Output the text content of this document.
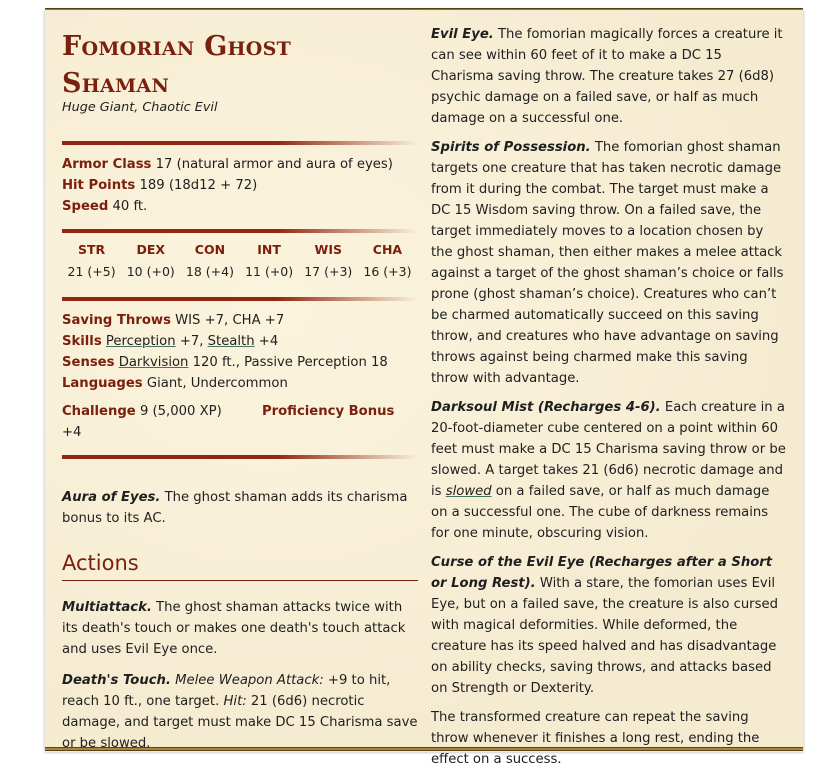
Fomorian Ghost
Shaman
Huge Giant, Chaotic Evil
Armor Class 17 (natural armor and aura of eyes)
Hit Points 189 (18d12 + 72)
Speed 40 ft.
STR
21 (+5)
DEX
10 (+0)
CON
18 (+4)
INT
11 (+0)
WIS
17 (+3)
CHA
16 (+3)
Saving Throws WIS +7, CHA +7
Skills Perception +7, Stealth +4
Senses Darkvision 120 ft., Passive Perception 18
Languages Giant, Undercommon
Challenge 9 (5,000 XP)	Proficiency Bonus +4

Aura of Eyes. The ghost shaman adds its charisma bonus to its AC.

Actions

Multiattack. The ghost shaman attacks twice with its death's touch or makes one death's touch attack and uses Evil Eye once.

Death's Touch. Melee Weapon Attack: +9 to hit, reach 10 ft., one target. Hit: 21 (6d6) necrotic damage, and target must make DC 15 Charisma save or be slowed.

Evil Eye. The fomorian magically forces a creature it can see within 60 feet of it to make a DC 15 Charisma saving throw. The creature takes 27 (6d8) psychic damage on a failed save, or half as much damage on a successful one.

Spirits of Possession. The fomorian ghost shaman targets one creature that has taken necrotic damage from it during the combat. The target must make a DC 15 Wisdom saving throw. On a failed save, the target immediately moves to a location chosen by the ghost shaman, then either makes a melee attack against a target of the ghost shaman’s choice or falls prone (ghost shaman’s choice). Creatures who can’t be charmed automatically succeed on this saving throw, and creatures who have advantage on saving throws against being charmed make this saving throw with advantage.

Darksoul Mist (Recharges 4-6). Each creature in a 20-foot-diameter cube centered on a point within 60 feet must make a DC 15 Charisma saving throw or be slowed. A target takes 21 (6d6) necrotic damage and is slowed on a failed save, or half as much damage on a successful one. The cube of darkness remains for one minute, obscuring vision.

Curse of the Evil Eye (Recharges after a Short or Long Rest). With a stare, the fomorian uses Evil Eye, but on a failed save, the creature is also cursed with magical deformities. While deformed, the creature has its speed halved and has disadvantage on ability checks, saving throws, and attacks based on Strength or Dexterity.

The transformed creature can repeat the saving throw whenever it finishes a long rest, ending the effect on a success.
